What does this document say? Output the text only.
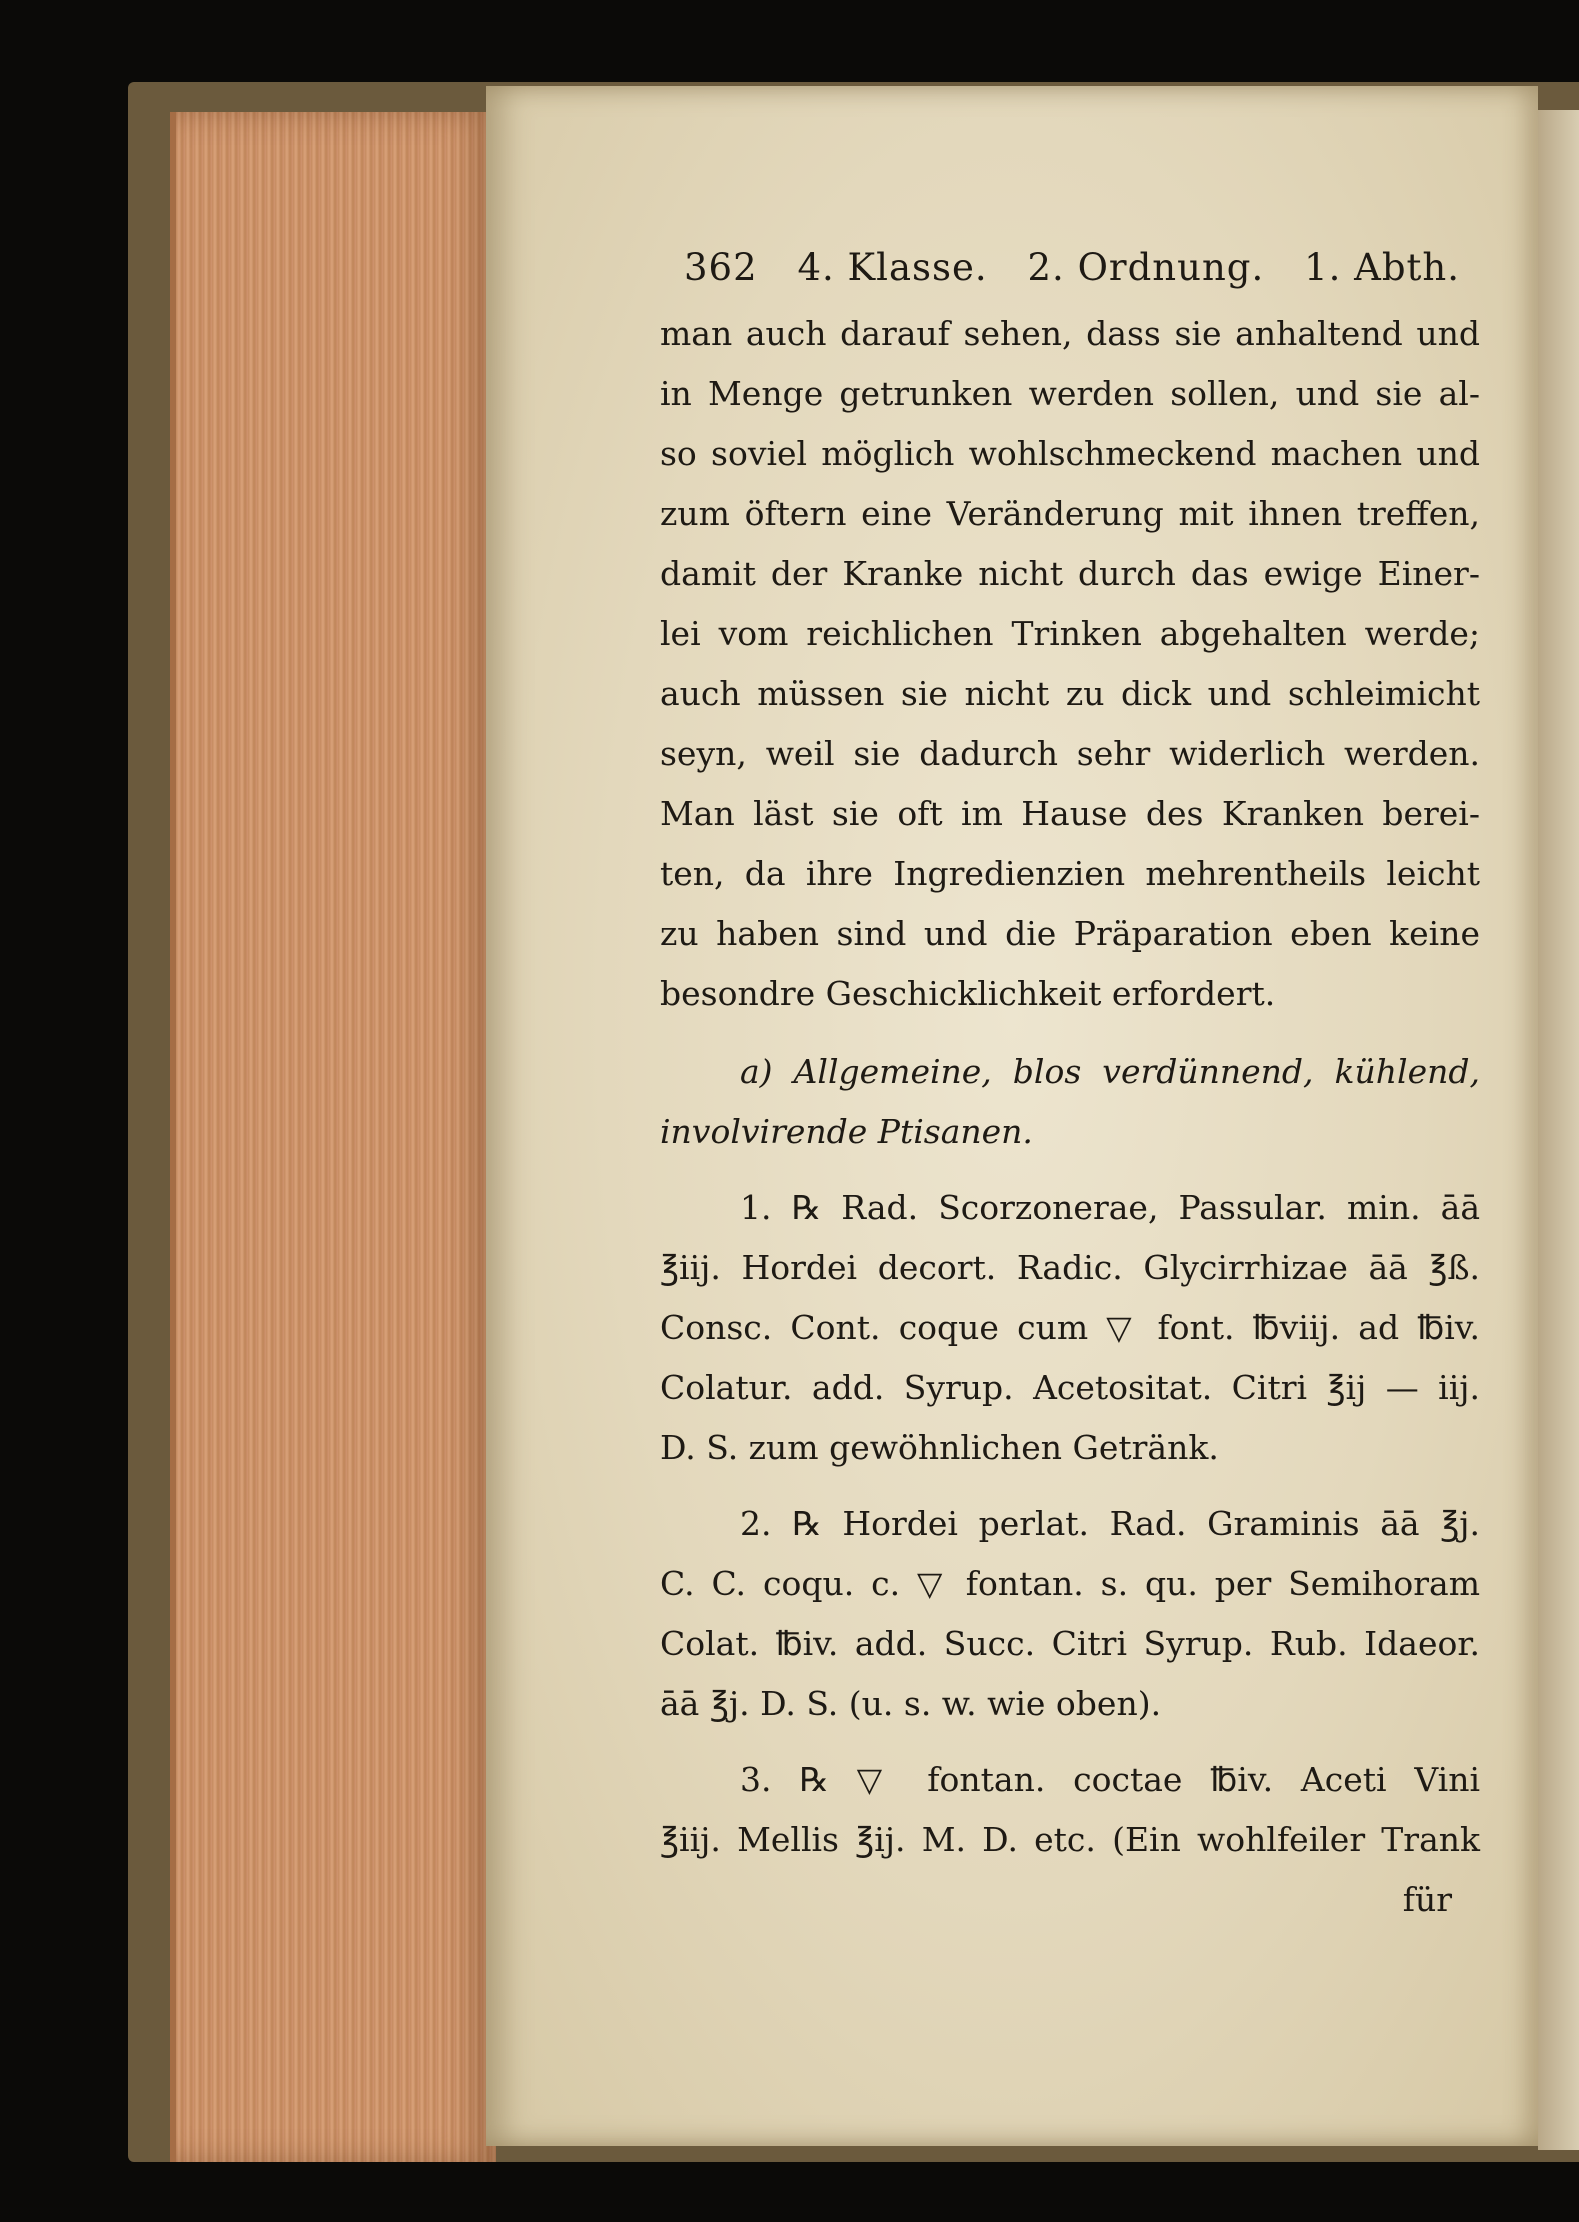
362 4. Klasse. 2. Ordnung. 1. Abth.
man auch darauf sehen, dass sie anhaltend und
in Menge getrunken werden sollen, und sie al-
so soviel möglich wohlschmeckend machen und
zum öftern eine Veränderung mit ihnen treffen,
damit der Kranke nicht durch das ewige Einer-
lei vom reichlichen Trinken abgehalten werde;
auch müssen sie nicht zu dick und schleimicht
seyn, weil sie dadurch sehr widerlich werden.
Man läst sie oft im Hause des Kranken berei-
ten, da ihre Ingredienzien mehrentheils leicht
zu haben sind und die Präparation eben keine
besondre Geschicklichkeit erfordert.
a) Allgemeine, blos verdünnend, kühlend,
involvirende Ptisanen.
1. ℞ Rad. Scorzonerae, Passular. min. āā
℥iij. Hordei decort. Radic. Glycirrhizae āā ℥ß.
Consc. Cont. coque cum ▽ font. ℔viij. ad ℔iv.
Colatur. add. Syrup. Acetositat. Citri ℥ij — iij.
D. S. zum gewöhnlichen Getränk.
2. ℞ Hordei perlat. Rad. Graminis āā ℥j.
C. C. coqu. c. ▽ fontan. s. qu. per Semihoram
Colat. ℔iv. add. Succ. Citri Syrup. Rub. Idaeor.
āā ℥j. D. S. (u. s. w. wie oben).
3. ℞ ▽ fontan. coctae ℔iv. Aceti Vini
℥iij. Mellis ℥ij. M. D. etc. (Ein wohlfeiler Trank
für
